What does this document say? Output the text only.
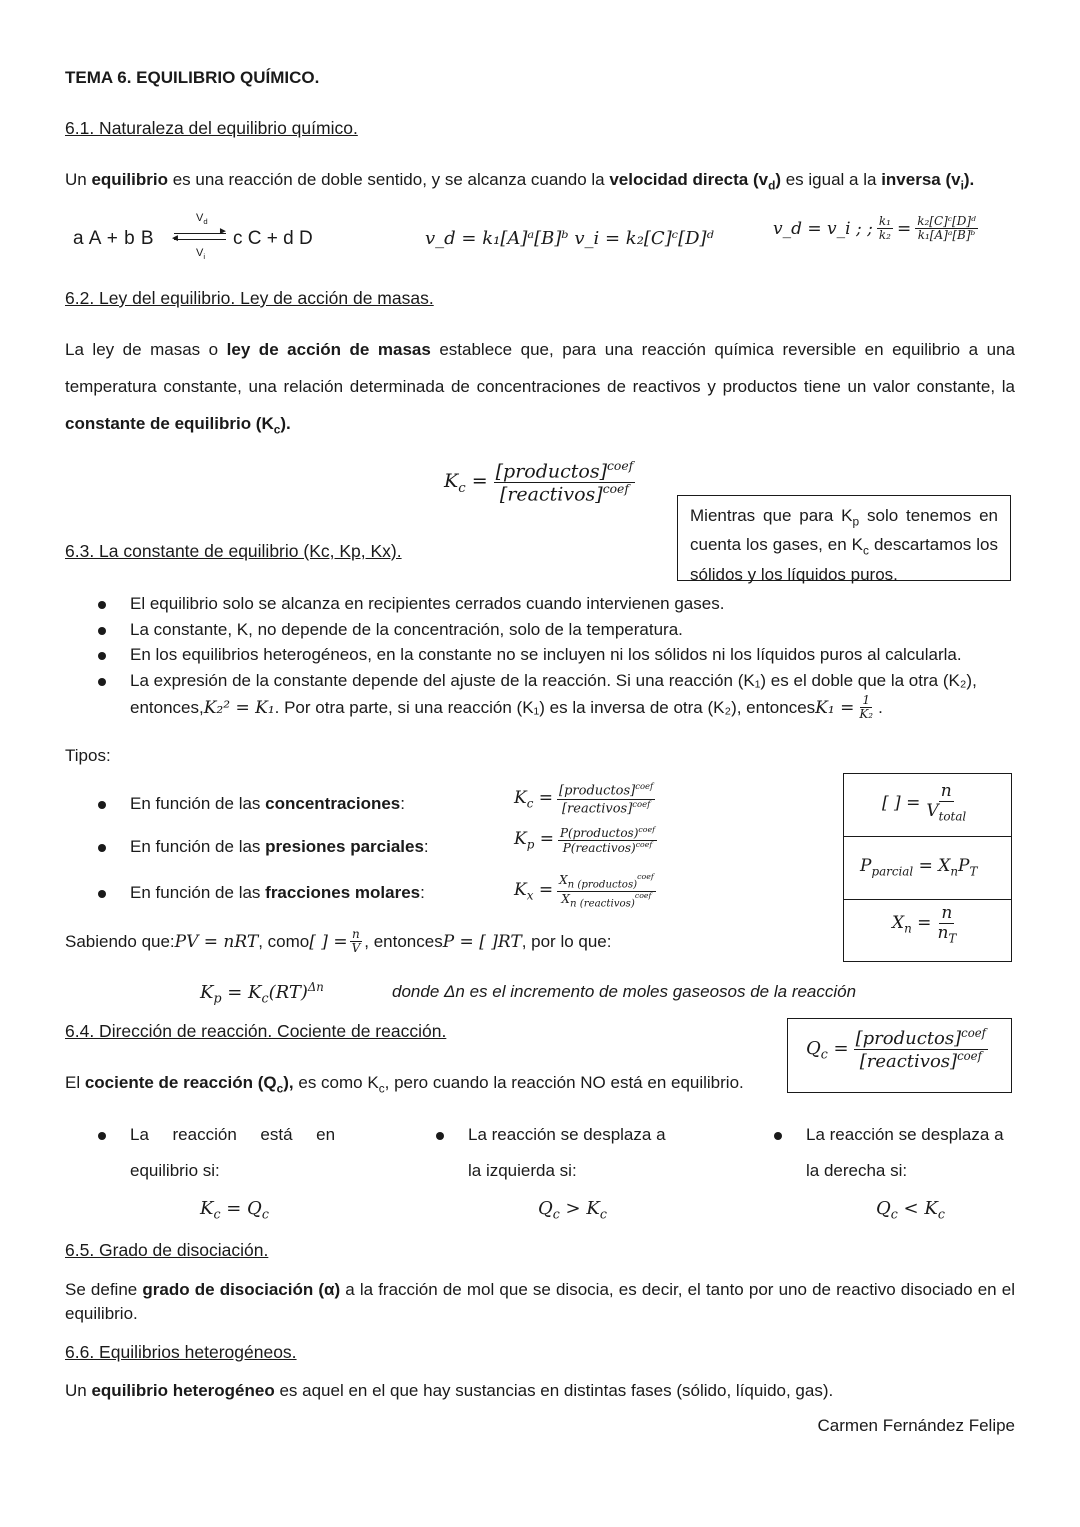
TEMA 6. EQUILIBRIO QUÍMICO.
6.1. Naturaleza del equilibrio químico.
Un equilibrio es una reacción de doble sentido, y se alcanza cuando la velocidad directa $(v_d)$ es igual a la inversa $(v_i)$.
a A + b B
$V_d$
►
◄
$V_i$
c C + d D	v_d = k₁[A]ᵃ[B]ᵇ v_i = k₂[C]ᶜ[D]ᵈ	v_d = v_i ; ; $\frac{\text{k₁}}{\text{k₂}} = \frac{\text{k₂[C]ᶜ[D]ᵈ}}{\text{k₁[A]ᵃ[B]ᵇ}}$
6.2. Ley del equilibrio. Ley de acción de masas.
La ley de masas o ley de acción de masas establece que, para una reacción química reversible en equilibrio a una temperatura constante, una relación determinada de concentraciones de reactivos y productos tiene un valor constante, la constante de equilibrio $(K_c)$.
$K_c = \frac{[productos]^{coef}}{[reactivos]^{coef}}$
Mientras que para $K_p$ solo tenemos en cuenta los gases, en $K_c$ descartamos los sólidos y los líquidos puros.
6.3. La constante de equilibrio (Kc, Kp, Kx).
El equilibrio solo se alcanza en recipientes cerrados cuando intervienen gases.
La constante, K, no depende de la concentración, solo de la temperatura.
En los equilibrios heterogéneos, en la constante no se incluyen ni los sólidos ni los líquidos puros al calcularla.
La expresión de la constante depende del ajuste de la reacción. Si una reacción (K₁) es el doble que la otra (K₂),
entonces, K₂² = K₁ . Por otra parte, si una reacción (K₁) es la inversa de otra (K₂), entonces $K_1 = \frac{1}{\text{K₂}}$ .
Tipos:
En función de las concentraciones:
En función de las presiones parciales:
En función de las fracciones molares:
$K_c = \frac{[productos]^{coef}}{[reactivos]^{coef}}$
$K_p = \frac{P(productos)^{coef}}{P(reactivos)^{coef}}$
$K_x = \frac{X_{n (productos)}^{coef}}{X_{n (reactivos)}^{coef}}$
[ ] = $\frac{n}{V_{total}}$
$P_{parcial} = X_nP_T$
$X_n = \frac{n}{n_T}$
Sabiendo que: PV = nRT , como [ ] = $\frac{n}{V}$ , entonces P = [ ]RT , por lo que:
$K_p = K_c(RT)^{\Delta n}$	donde Δn es el incremento de moles gaseosos de la reacción
6.4. Dirección de reacción. Cociente de reacción.
$Q_c = \frac{[productos]^{coef}}{[reactivos]^{coef}}$
El cociente de reacción $(Q_c)$, es como $K_c$, pero cuando la reacción NO está en equilibrio.
La     reacción     está     en
equilibrio si:
$K_c = Q_c$
La reacción se desplaza a
la izquierda si:
$Q_c > K_c$
La reacción se desplaza a
la derecha si:
$Q_c < K_c$
6.5. Grado de disociación.
Se define grado de disociación (α) a la fracción de mol que se disocia, es decir, el tanto por uno de reactivo disociado en el equilibrio.
6.6. Equilibrios heterogéneos.
Un equilibrio heterogéneo es aquel en el que hay sustancias en distintas fases (sólido, líquido, gas).
Carmen Fernández Felipe
